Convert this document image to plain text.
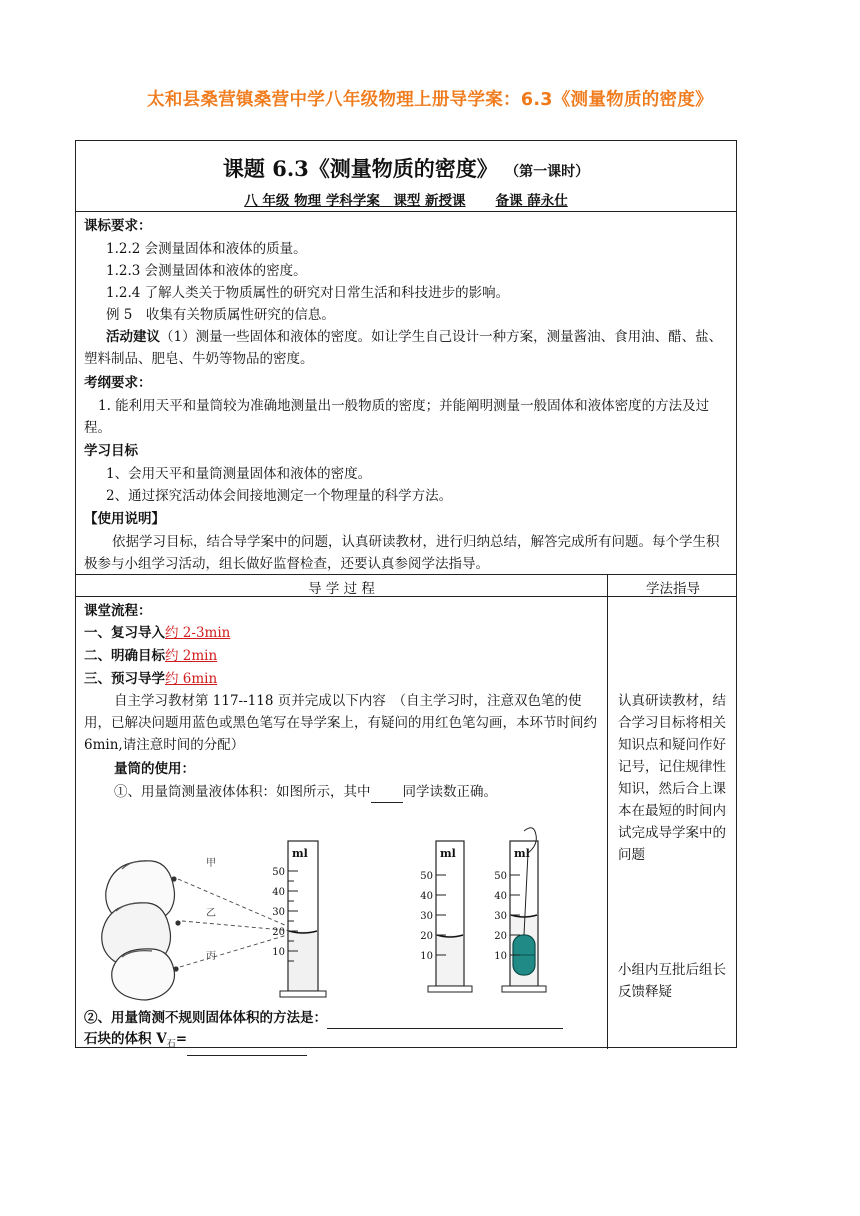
太和县桑营镇桑营中学八年级物理上册导学案：6.3《测量物质的密度》
课题 6.3《测量物质的密度》 （第一课时）
八 年级 物理 学科学案　 课型 新授课 备课 薛永仕
课标要求：
1.2.2 会测量固体和液体的质量。
1.2.3 会测量固体和液体的密度。
1.2.4 了解人类关于物质属性的研究对日常生活和科技进步的影响。
例 5　收集有关物质属性研究的信息。
活动建议（1）测量一些固体和液体的密度。如让学生自己设计一种方案，测量酱油、食用油、醋、盐、塑料制品、肥皂、牛奶等物品的密度。
考纲要求：
1. 能利用天平和量筒较为准确地测量出一般物质的密度；并能阐明测量一般固体和液体密度的方法及过程。
学习目标
1、会用天平和量筒测量固体和液体的密度。
2、通过探究活动体会间接地测定一个物理量的科学方法。
【使用说明】
依据学习目标，结合导学案中的问题，认真研读教材，进行归纳总结，解答完成所有问题。每个学生积极参与小组学习活动，组长做好监督检查，还要认真参阅学法指导。
导 学 过 程	学法指导
课堂流程：
一、复习导入约 2-3min
二、明确目标约 2min
三、预习导学约 6min
自主学习教材第 117--118 页并完成以下内容　（自主学习时，注意双色笔的使用，已解决问题用蓝色或黑色笔写在导学案上，有疑问的用红色笔勾画，本环节时间约 6min,请注意时间的分配）
量筒的使用：
①、用量筒测量液体体积：如图所示，其中 同学读数正确。
甲
乙
丙
ml
50
40
30
20
10
ml
50
40
30
20
10
ml
50
40
30
20
10
②、用量筒测不规则固体体积的方法是：
石块的体积 $V_石=$
认真研读教材，结合学习目标将相关知识点和疑问作好记号，记住规律性知识，然后合上课本在最短的时间内试完成导学案中的问题
小组内互批后组长反馈释疑
